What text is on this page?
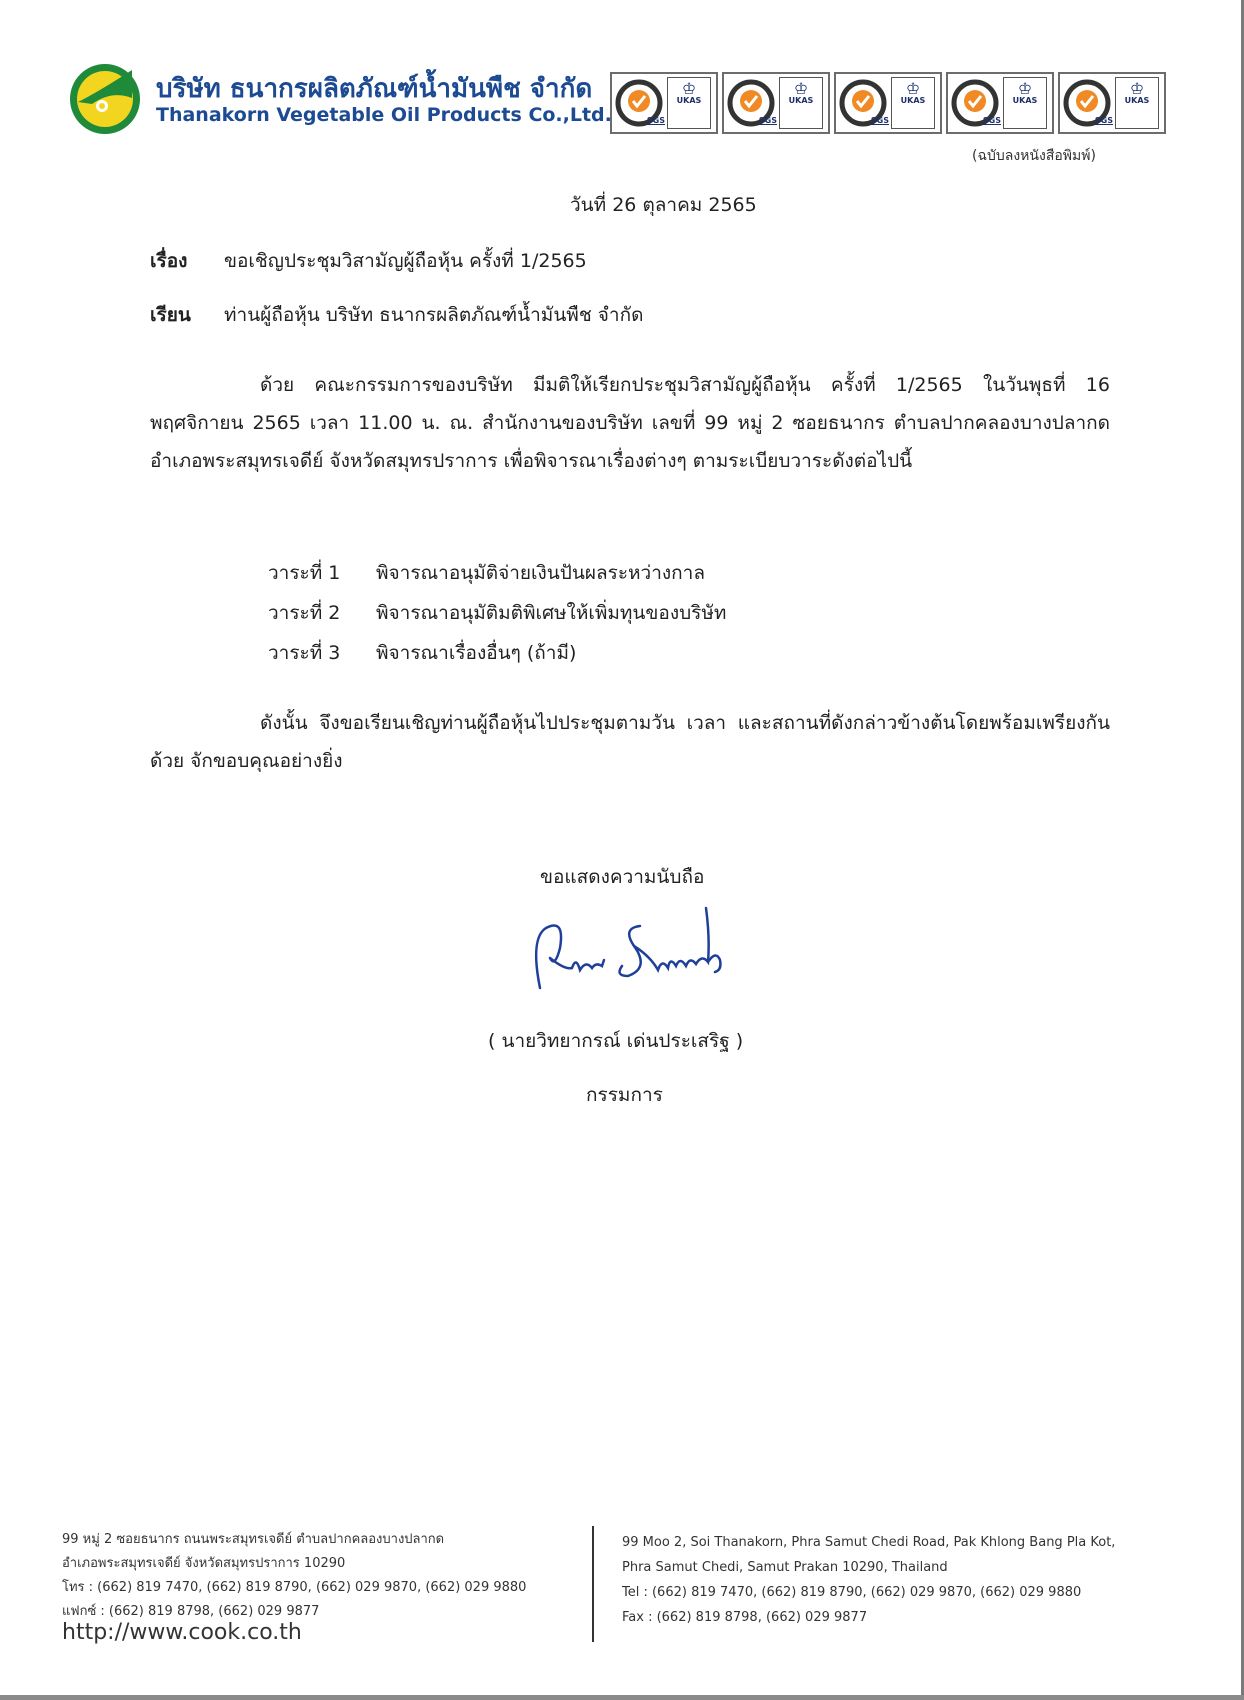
บริษัท ธนากรผลิตภัณฑ์น้ำมันพืช จำกัด
Thanakorn Vegetable Oil Products Co.,Ltd.	SGS
♔
UKAS
SGS
♔
UKAS
SGS
♔
UKAS
SGS
♔
UKAS
SGS
♔
UKAS
(ฉบับลงหนังสือพิมพ์)
วันที่ 26 ตุลาคม 2565
เรื่อง ขอเชิญประชุมวิสามัญผู้ถือหุ้น ครั้งที่ 1/2565
เรียน ท่านผู้ถือหุ้น บริษัท ธนากรผลิตภัณฑ์น้ำมันพืช จำกัด
ด้วย คณะกรรมการของบริษัท มีมติให้เรียกประชุมวิสามัญผู้ถือหุ้น ครั้งที่ 1/2565 ในวันพุธที่ 16 พฤศจิกายน 2565 เวลา 11.00 น. ณ. สำนักงานของบริษัท เลขที่ 99 หมู่ 2 ซอยธนากร ตำบลปากคลองบางปลากด อำเภอพระสมุทรเจดีย์ จังหวัดสมุทรปราการ เพื่อพิจารณาเรื่องต่างๆ ตามระเบียบวาระดังต่อไปนี้
วาระที่ 1 พิจารณาอนุมัติจ่ายเงินปันผลระหว่างกาล
วาระที่ 2 พิจารณาอนุมัติมติพิเศษให้เพิ่มทุนของบริษัท
วาระที่ 3 พิจารณาเรื่องอื่นๆ (ถ้ามี)
ดังนั้น จึงขอเรียนเชิญท่านผู้ถือหุ้นไปประชุมตามวัน เวลา และสถานที่ดังกล่าวข้างต้นโดยพร้อมเพรียงกันด้วย จักขอบคุณอย่างยิ่ง
ขอแสดงความนับถือ
( นายวิทยากรณ์ เด่นประเสริฐ )
กรรมการ
99 หมู่ 2 ซอยธนากร ถนนพระสมุทรเจดีย์ ตำบลปากคลองบางปลากด
อำเภอพระสมุทรเจดีย์ จังหวัดสมุทรปราการ 10290
โทร : (662) 819 7470, (662) 819 8790, (662) 029 9870, (662) 029 9880
แฟกซ์ : (662) 819 8798, (662) 029 9877
http://www.cook.co.th
99 Moo 2, Soi Thanakorn, Phra Samut Chedi Road, Pak Khlong Bang Pla Kot,
Phra Samut Chedi, Samut Prakan 10290, Thailand
Tel : (662) 819 7470, (662) 819 8790, (662) 029 9870, (662) 029 9880
Fax : (662) 819 8798, (662) 029 9877
